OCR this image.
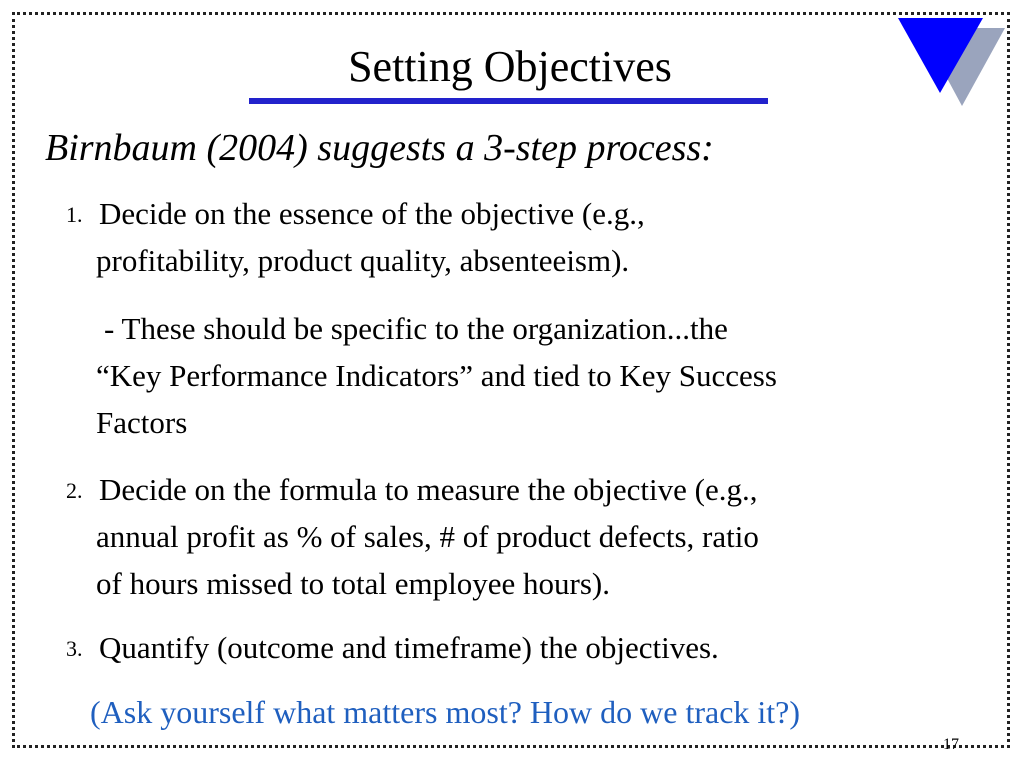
Setting Objectives
Birnbaum (2004) suggests a 3-step process:
1. Decide on the essence of the objective (e.g.,
profitability, product quality, absenteeism).
- These should be specific to the organization...the
“Key Performance Indicators” and tied to Key Success
Factors
2. Decide on the formula to measure the objective (e.g.,
annual profit as % of sales, # of product defects, ratio
of hours missed to total employee hours).
3. Quantify (outcome and timeframe) the objectives.
(Ask yourself what matters most? How do we track it?)
17
